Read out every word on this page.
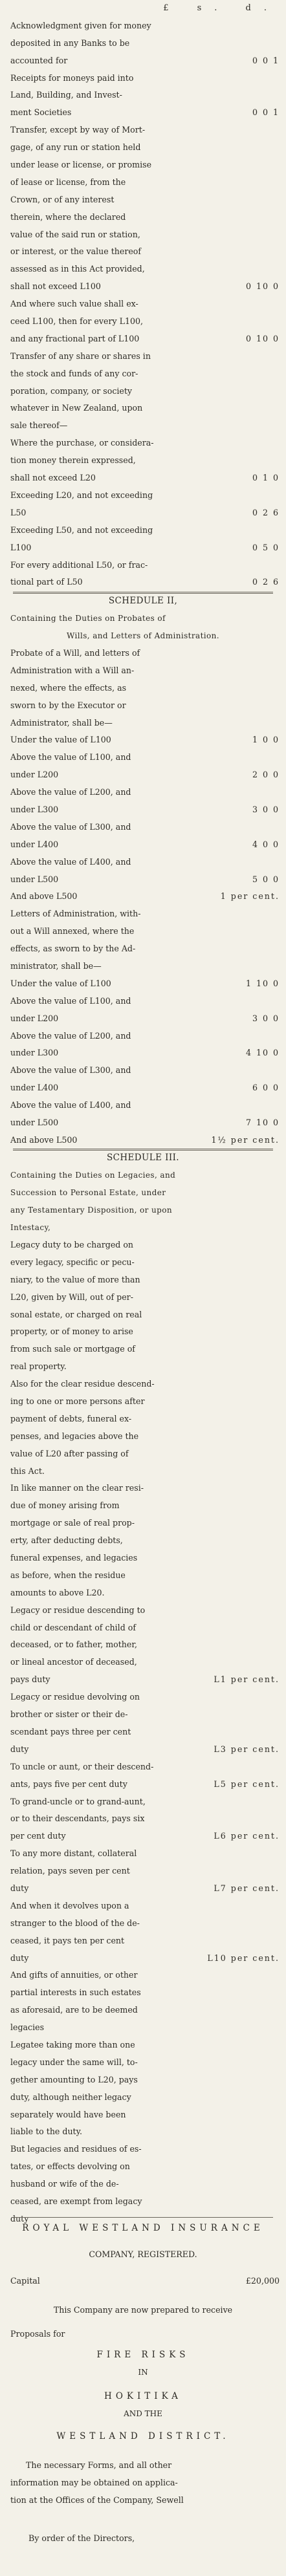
£ s. d.
Acknowledgment given for money
deposited in any Banks to be
accounted for	0 0 1
Receipts for moneys paid into
Land, Building, and Invest-
ment Societies	0 0 1
Transfer, except by way of Mort-
gage, of any run or station held
under lease or license, or promise
of lease or license, from the
Crown, or of any interest
therein, where the declared
value of the said run or station,
or interest, or the value thereof
assessed as in this Act provided,
shall not exceed L100	0 10 0
And where such value shall ex-
ceed L100, then for every L100,
and any fractional part of L100	0 10 0
Transfer of any share or shares in
the stock and funds of any cor-
poration, company, or society
whatever in New Zealand, upon
sale thereof—
Where the purchase, or considera-
tion money therein expressed,
shall not exceed L20	0 1 0
Exceeding L20, and not exceeding
L50	0 2 6
Exceeding L50, and not exceeding
L100	0 5 0
For every additional L50, or frac-
tional part of L50	0 2 6
SCHEDULE II,
Containing the Duties on Probates of
Wills, and Letters of Administration.
Probate of a Will, and letters of
Administration with a Will an-
nexed, where the effects, as
sworn to by the Executor or
Administrator, shall be—
Under the value of L100	1 0 0
Above the value of L100, and
under L200	2 0 0
Above the value of L200, and
under L300	3 0 0
Above the value of L300, and
under L400	4 0 0
Above the value of L400, and
under L500	5 0 0
And above L500	1 per cent.
Letters of Administration, with-
out a Will annexed, where the
effects, as sworn to by the Ad-
ministrator, shall be—
Under the value of L100	1 10 0
Above the value of L100, and
under L200	3 0 0
Above the value of L200, and
under L300	4 10 0
Above the value of L300, and
under L400	6 0 0
Above the value of L400, and
under L500	7 10 0
And above L500	1½ per cent.
SCHEDULE III.
Containing the Duties on Legacies, and
Succession to Personal Estate, under
any Testamentary Disposition, or upon
Intestacy,
Legacy duty to be charged on
every legacy, specific or pecu-
niary, to the value of more than
L20, given by Will, out of per-
sonal estate, or charged on real
property, or of money to arise
from such sale or mortgage of
real property.
Also for the clear residue descend-
ing to one or more persons after
payment of debts, funeral ex-
penses, and legacies above the
value of L20 after passing of
this Act.
In like manner on the clear resi-
due of money arising from
mortgage or sale of real prop-
erty, after deducting debts,
funeral expenses, and legacies
as before, when the residue
amounts to above L20.
Legacy or residue descending to
child or descendant of child of
deceased, or to father, mother,
or lineal ancestor of deceased,
pays duty	L1 per cent.
Legacy or residue devolving on
brother or sister or their de-
scendant pays three per cent
duty	L3 per cent.
To uncle or aunt, or their descend-
ants, pays five per cent duty	L5 per cent.
To grand-uncle or to grand-aunt,
or to their descendants, pays six
per cent duty	L6 per cent.
To any more distant, collateral
relation, pays seven per cent
duty	L7 per cent.
And when it devolves upon a
stranger to the blood of the de-
ceased, it pays ten per cent
duty	L10 per cent.
And gifts of annuities, or other
partial interests in such estates
as aforesaid, are to be deemed
legacies
Legatee taking more than one
legacy under the same will, to-
gether amounting to L20, pays
duty, although neither legacy
separately would have been
liable to the duty.
But legacies and residues of es-
tates, or effects devolving on
husband or wife of the de-
ceased, are exempt from legacy
duty
ROYAL WESTLAND INSURANCE
COMPANY, REGISTERED.
Capital	£20,000
This Company are now prepared to receive
Proposals for
FIRE RISKS
IN
HOKITIKA
AND THE
WESTLAND DISTRICT.
The necessary Forms, and all other
information may be obtained on applica-
tion at the Offices of the Company, Sewell
By order of the Directors,
